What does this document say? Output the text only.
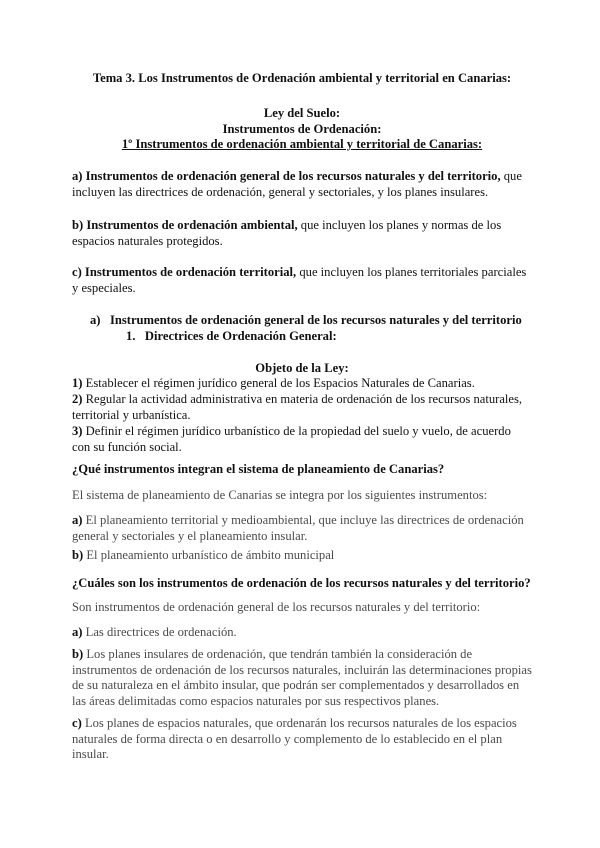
Tema 3. Los Instrumentos de Ordenación ambiental y territorial en Canarias:

Ley del Suelo:

Instrumentos de Ordenación:

1º Instrumentos de ordenación ambiental y territorial de Canarias:

a) Instrumentos de ordenación general de los recursos naturales y del territorio, que incluyen las directrices de ordenación, general y sectoriales, y los planes insulares.

b) Instrumentos de ordenación ambiental, que incluyen los planes y normas de los espacios naturales protegidos.

c) Instrumentos de ordenación territorial, que incluyen los planes territoriales parciales y especiales.

a) Instrumentos de ordenación general de los recursos naturales y del territorio

1. Directrices de Ordenación General:

Objeto de la Ley:

1) Establecer el régimen jurídico general de los Espacios Naturales de Canarias.

2) Regular la actividad administrativa en materia de ordenación de los recursos naturales, territorial y urbanística.

3) Definir el régimen jurídico urbanístico de la propiedad del suelo y vuelo, de acuerdo con su función social.

¿Qué instrumentos integran el sistema de planeamiento de Canarias?

El sistema de planeamiento de Canarias se integra por los siguientes instrumentos:

a) El planeamiento territorial y medioambiental, que incluye las directrices de ordenación general y sectoriales y el planeamiento insular.

b) El planeamiento urbanístico de ámbito municipal

¿Cuáles son los instrumentos de ordenación de los recursos naturales y del territorio?

Son instrumentos de ordenación general de los recursos naturales y del territorio:

a) Las directrices de ordenación.

b) Los planes insulares de ordenación, que tendrán también la consideración de instrumentos de ordenación de los recursos naturales, incluirán las determinaciones propias de su naturaleza en el ámbito insular, que podrán ser complementados y desarrollados en las áreas delimitadas como espacios naturales por sus respectivos planes.

c) Los planes de espacios naturales, que ordenarán los recursos naturales de los espacios naturales de forma directa o en desarrollo y complemento de lo establecido en el plan insular.
